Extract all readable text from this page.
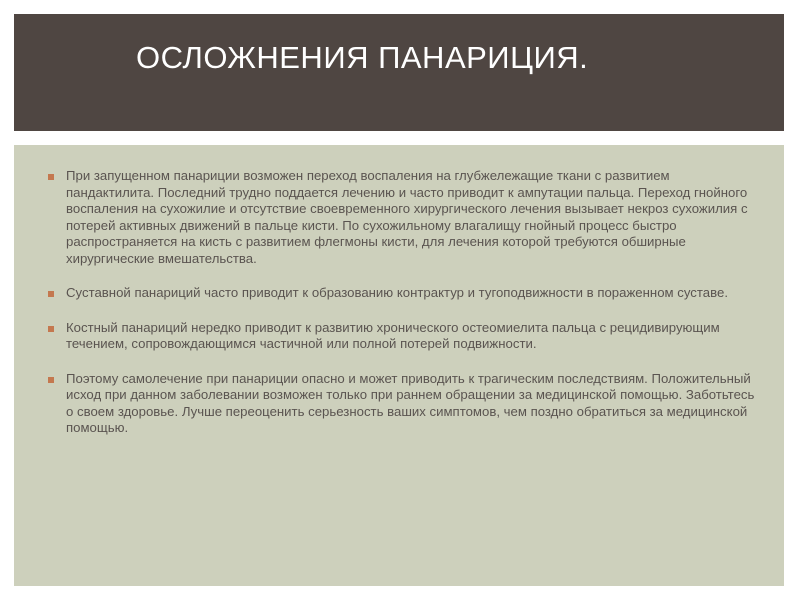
ОСЛОЖНЕНИЯ ПАНАРИЦИЯ.
При запущенном панариции возможен переход воспаления на глубжележащие ткани с развитием пандактилита. Последний трудно поддается лечению и часто приводит к ампутации пальца. Переход гнойного воспаления на сухожилие и отсутствие своевременного хирургического лечения вызывает некроз сухожилия с потерей активных движений в пальце кисти. По сухожильному влагалищу гнойный процесс быстро распространяется на кисть с развитием флегмоны кисти, для лечения которой требуются обширные хирургические вмешательства.
Суставной панариций часто приводит к образованию контрактур и тугоподвижности в пораженном суставе.
Костный панариций нередко приводит к развитию хронического остеомиелита пальца с рецидивирующим течением, сопровождающимся частичной или полной потерей подвижности.
Поэтому самолечение при панариции опасно и может приводить к трагическим последствиям. Положительный исход при данном заболевании возможен только при раннем обращении за медицинской помощью. Заботьтесь о своем здоровье. Лучше переоценить серьезность ваших симптомов, чем поздно обратиться за медицинской помощью.
